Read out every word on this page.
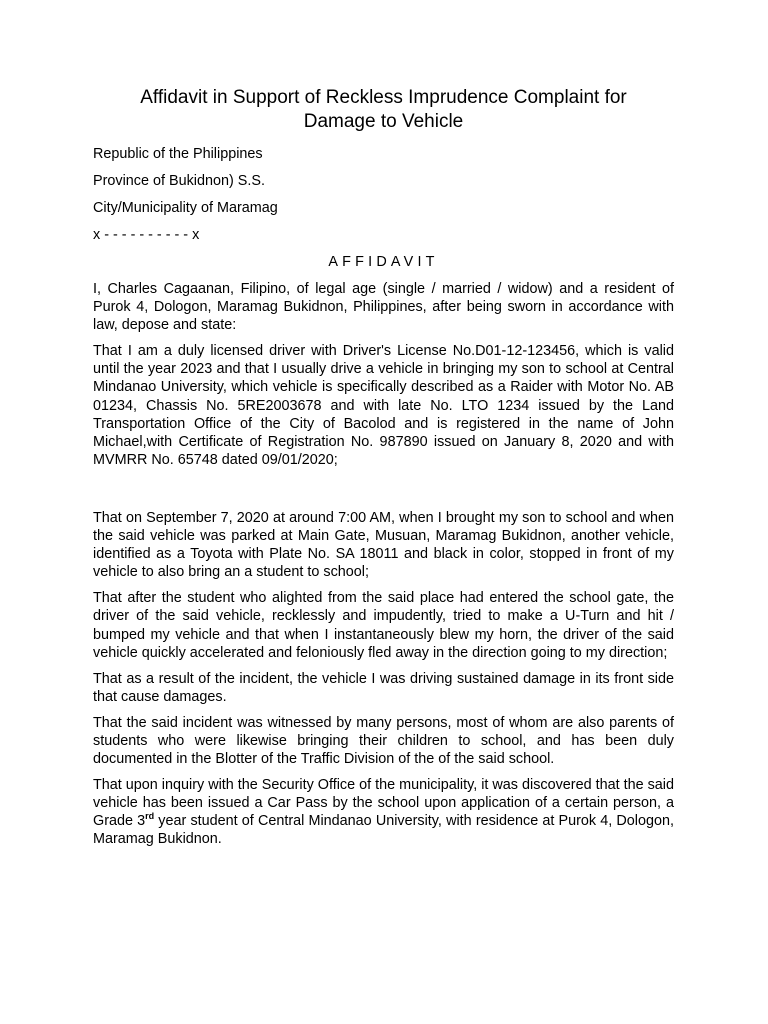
Affidavit in Support of Reckless Imprudence Complaint for
Damage to Vehicle
Republic of the Philippines
Province of Bukidnon) S.S.
City/Municipality of Maramag
x - - - - - - - - - - x
AFFIDAVIT

I, Charles Cagaanan, Filipino, of legal age (single / married / widow) and a resident of Purok 4, Dologon, Maramag Bukidnon, Philippines, after being sworn in accordance with law, depose and state:

That I am a duly licensed driver with Driver's License No.D01-12-123456, which is valid until the year 2023 and that I usually drive a vehicle in bringing my son to school at Central Mindanao University, which vehicle is specifically described as a Raider with Motor No. AB 01234, Chassis No. 5RE2003678 and with late No. LTO 1234 issued by the Land Transportation Office of the City of Bacolod and is registered in the name of John Michael,with Certificate of Registration No. 987890 issued on January 8, 2020 and with MVMRR No. 65748 dated 09/01/2020;

That on September 7, 2020 at around 7:00 AM, when I brought my son to school and when the said vehicle was parked at Main Gate, Musuan, Maramag Bukidnon, another vehicle, identified as a Toyota with Plate No. SA 18011 and black in color, stopped in front of my vehicle to also bring an a student to school;

That after the student who alighted from the said place had entered the school gate, the driver of the said vehicle, recklessly and impudently, tried to make a U-Turn and hit / bumped my vehicle and that when I instantaneously blew my horn, the driver of the said vehicle quickly accelerated and feloniously fled away in the direction going to my direction;

That as a result of the incident, the vehicle I was driving sustained damage in its front side that cause damages.

That the said incident was witnessed by many persons, most of whom are also parents of students who were likewise bringing their children to school, and has been duly documented in the Blotter of the Traffic Division of the of the said school.

That upon inquiry with the Security Office of the municipality, it was discovered that the said vehicle has been issued a Car Pass by the school upon application of a certain person, a Grade 3rd year student of Central Mindanao University, with residence at Purok 4, Dologon, Maramag Bukidnon.
